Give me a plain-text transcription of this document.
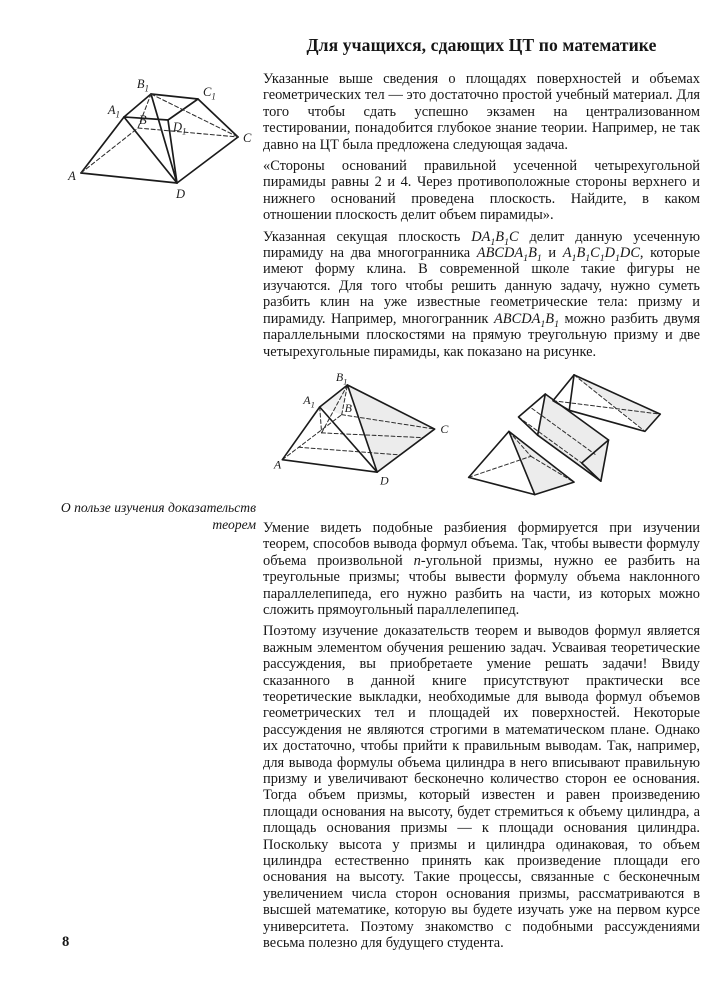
Для учащихся, сдающих ЦТ по математике
A
B
C
D
$A_1$
$B_1$	$C_1$
$D_1$

Указанные выше сведения о площадях поверхностей и объемах геометрических тел — это достаточно простой учебный материал. Для того чтобы сдать успешно экзамен на централизованном тестировании, понадобится глубокое знание теории. Например, не так давно на ЦТ была предложена следующая задача.

«Стороны оснований правильной усеченной четырехугольной пирамиды равны 2 и 4. Через противоположные стороны верхнего и нижнего оснований проведена плоскость. Найдите, в каком отношении плоскость делит объем пирамиды».

Указанная секущая плоскость $DA_1B_1C$ делит данную усеченную пирамиду на два многогранника $ABCDA_1B_1$ и $A_1B_1C_1D_1DC$, которые имеют форму клина. В современной школе такие фигуры не изучаются. Для того чтобы решить данную задачу, нужно суметь разбить клин на уже известные геометрические тела: призму и пирамиду. Например, многогранник $ABCDA_1B_1$ можно разбить двумя параллельными плоскостями на прямую треугольную призму и две четырехугольные пирамиды, как показано на рисунке.

A
$A_1$ B
$B_1$
C
D

Умение видеть подобные разбиения формируется при изучении теорем, способов вывода формул объема. Так, чтобы вывести формулу объема произвольной n-угольной призмы, нужно ее разбить на треугольные призмы; чтобы вывести формулу объема наклонного параллелепипеда, его нужно разбить на части, из которых можно сложить прямоугольный параллелепипед.

Поэтому изучение доказательств теорем и выводов формул является важным элементом обучения решению задач. Усваивая теоретические рассуждения, вы приобретаете умение решать задачи! Ввиду сказанного в данной книге присутствуют практически все теоретические выкладки, необходимые для вывода формул объемов геометрических тел и площадей их поверхностей. Некоторые рассуждения не являются строгими в математическом плане. Однако их достаточно, чтобы прийти к правильным выводам. Так, например, для вывода формулы объема цилиндра в него вписывают правильную призму и увеличивают бесконечно количество сторон ее основания. Тогда объем призмы, который известен и равен произведению площади основания на высоту, будет стремиться к объему цилиндра, а площадь основания призмы — к площади основания цилиндра. Поскольку высота у призмы и цилиндра одинаковая, то объем цилиндра естественно принять как произведение площади его основания на высоту. Такие процессы, связанные с бесконечным увеличением числа сторон основания призмы, рассматриваются в высшей математике, которую вы будете изучать уже на первом курсе университета. Поэтому знакомство с подобными рассуждениями весьма полезно для будущего студента.

О пользе изучения доказательств теорем
8
